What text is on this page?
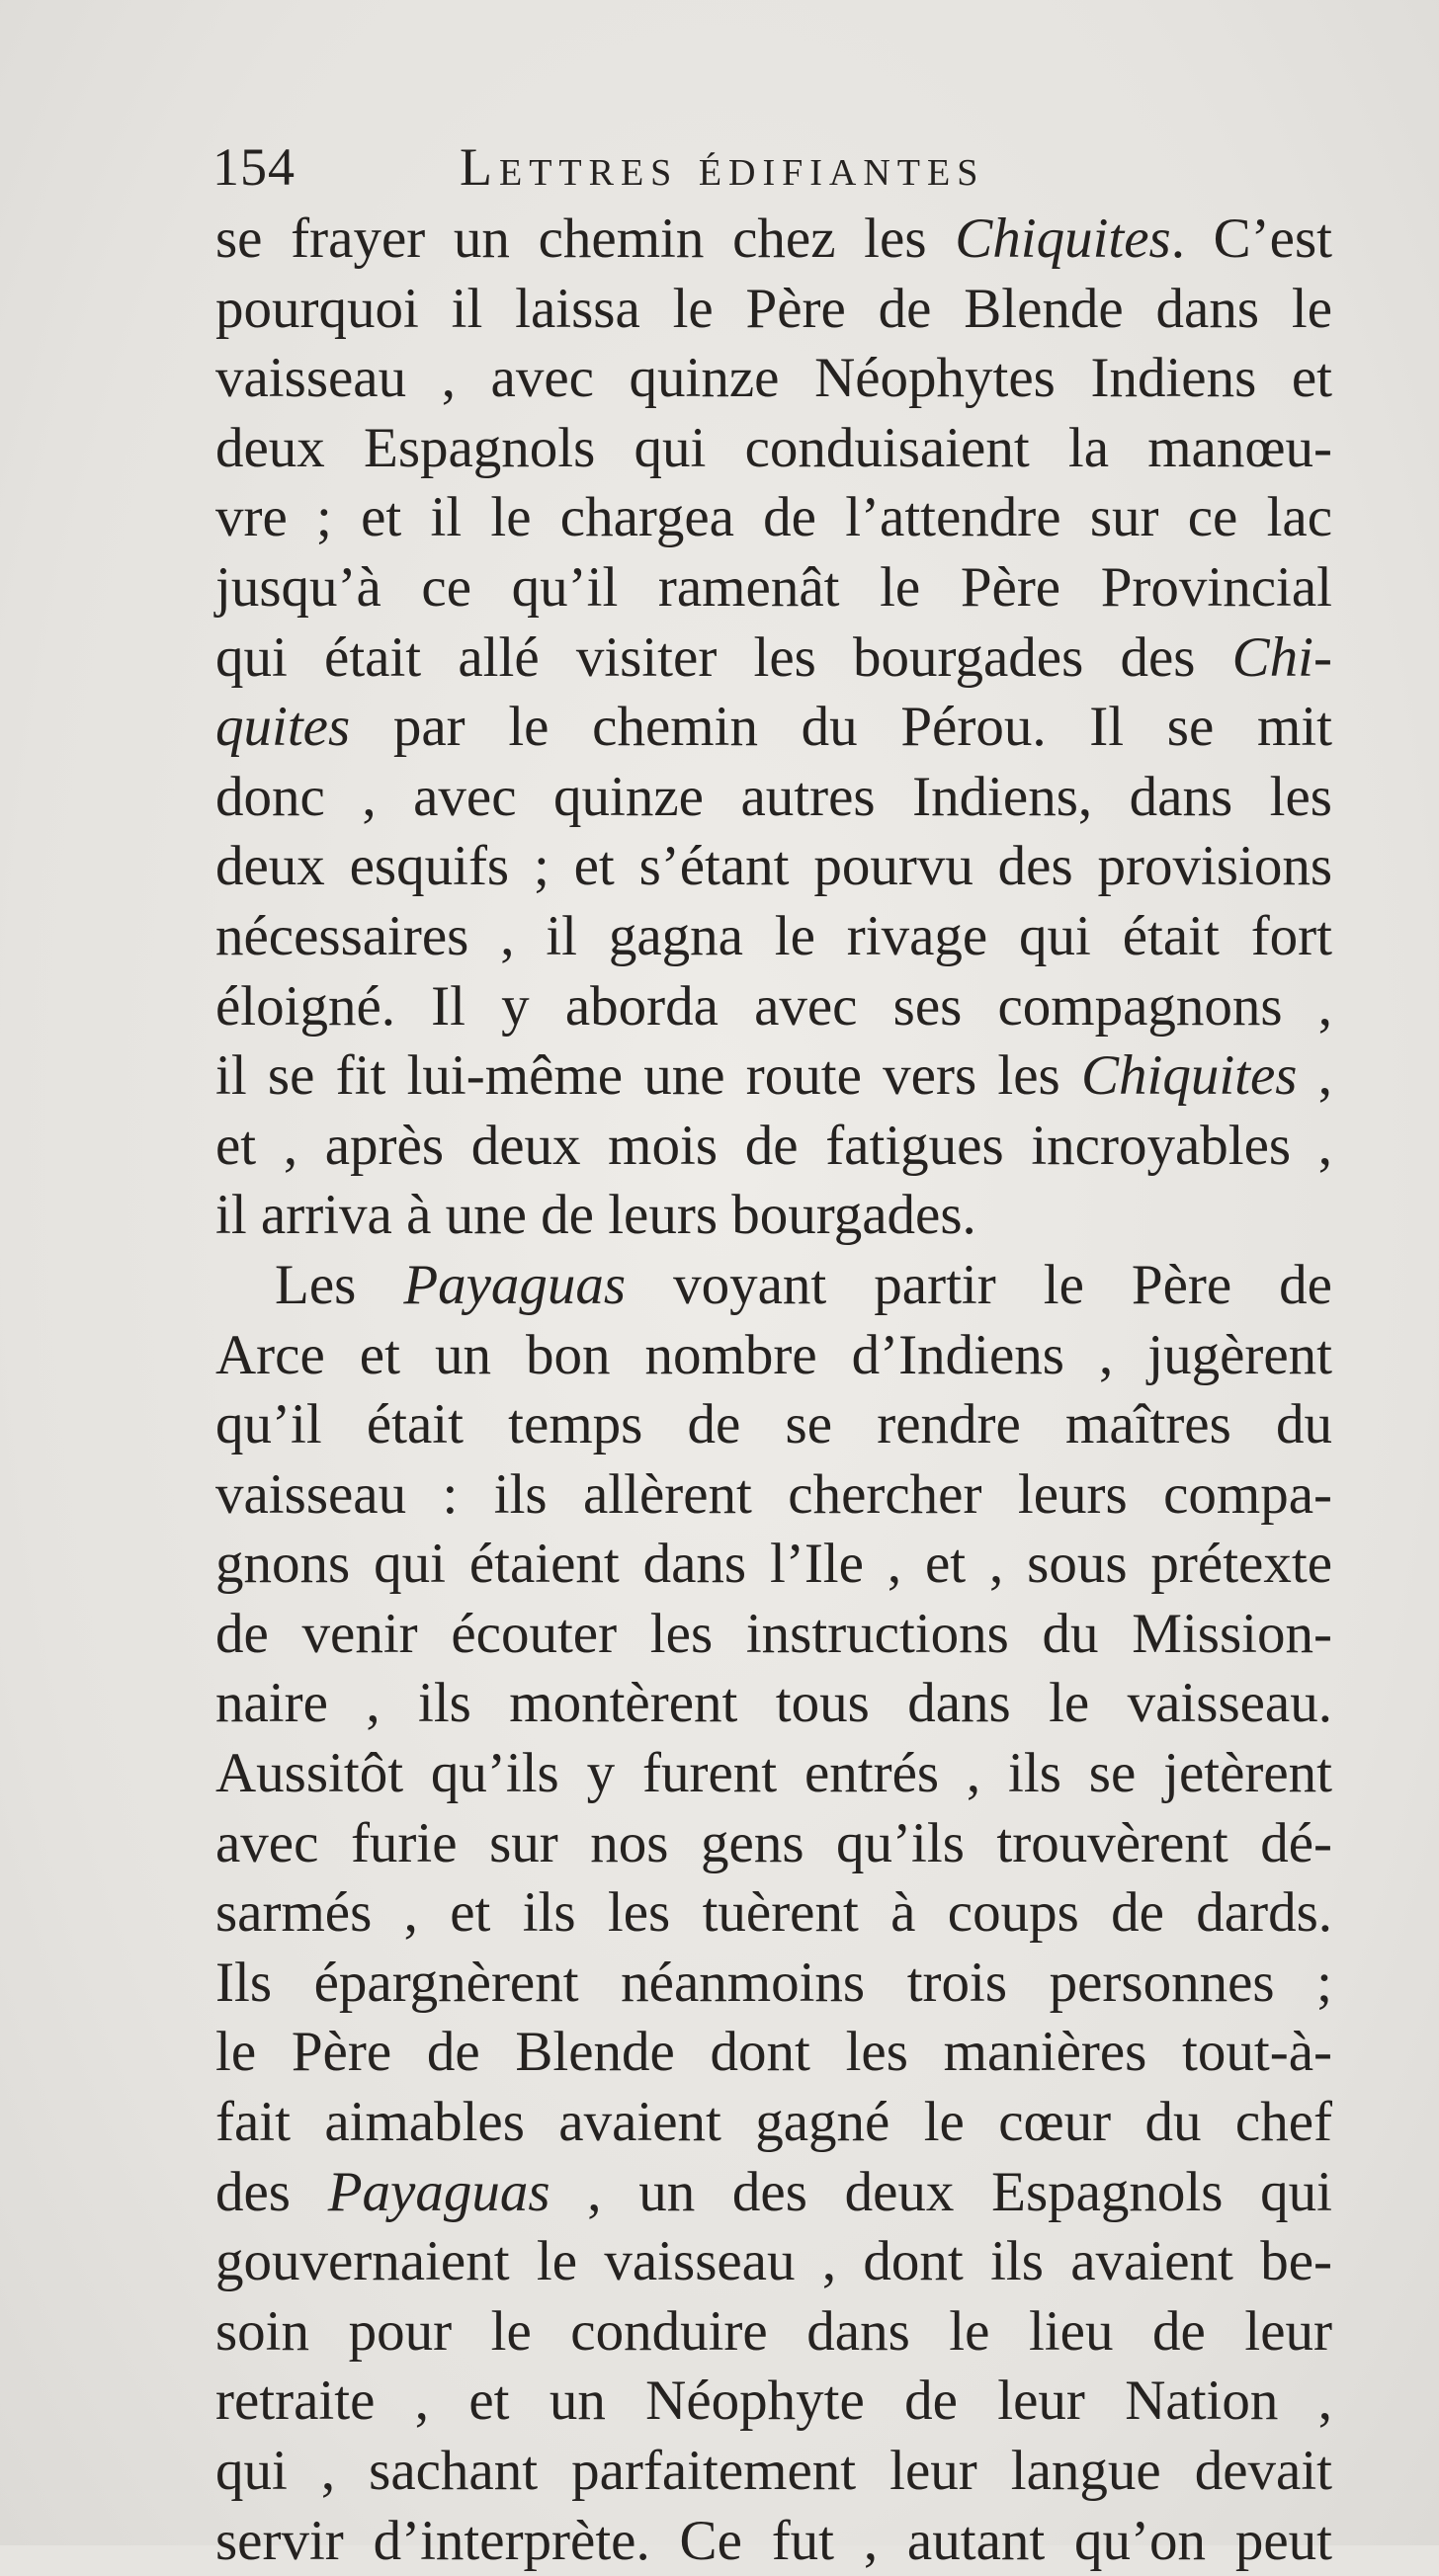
154	Lettres édifiantes
se frayer un chemin chez les Chiquites. C’est
pourquoi il laissa le Père de Blende dans le
vaisseau , avec quinze Néophytes Indiens et
deux Espagnols qui conduisaient la manœu-
vre ; et il le chargea de l’attendre sur ce lac
jusqu’à ce qu’il ramenât le Père Provincial
qui était allé visiter les bourgades des Chi-
quites par le chemin du Pérou. Il se mit
donc , avec quinze autres Indiens, dans les
deux esquifs ; et s’étant pourvu des provisions
nécessaires , il gagna le rivage qui était fort
éloigné. Il y aborda avec ses compagnons ,
il se fit lui-même une route vers les Chiquites ,
et , après deux mois de fatigues incroyables ,
il arriva à une de leurs bourgades.
Les Payaguas voyant partir le Père de
Arce et un bon nombre d’Indiens , jugèrent
qu’il était temps de se rendre maîtres du
vaisseau : ils allèrent chercher leurs compa-
gnons qui étaient dans l’Ile , et , sous prétexte
de venir écouter les instructions du Mission-
naire , ils montèrent tous dans le vaisseau.
Aussitôt qu’ils y furent entrés , ils se jetèrent
avec furie sur nos gens qu’ils trouvèrent dé-
sarmés , et ils les tuèrent à coups de dards.
Ils épargnèrent néanmoins trois personnes ;
le Père de Blende dont les manières tout-à-
fait aimables avaient gagné le cœur du chef
des Payaguas , un des deux Espagnols qui
gouvernaient le vaisseau , dont ils avaient be-
soin pour le conduire dans le lieu de leur
retraite , et un Néophyte de leur Nation ,
qui , sachant parfaitement leur langue devait
servir d’interprète. Ce fut , autant qu’on peut
